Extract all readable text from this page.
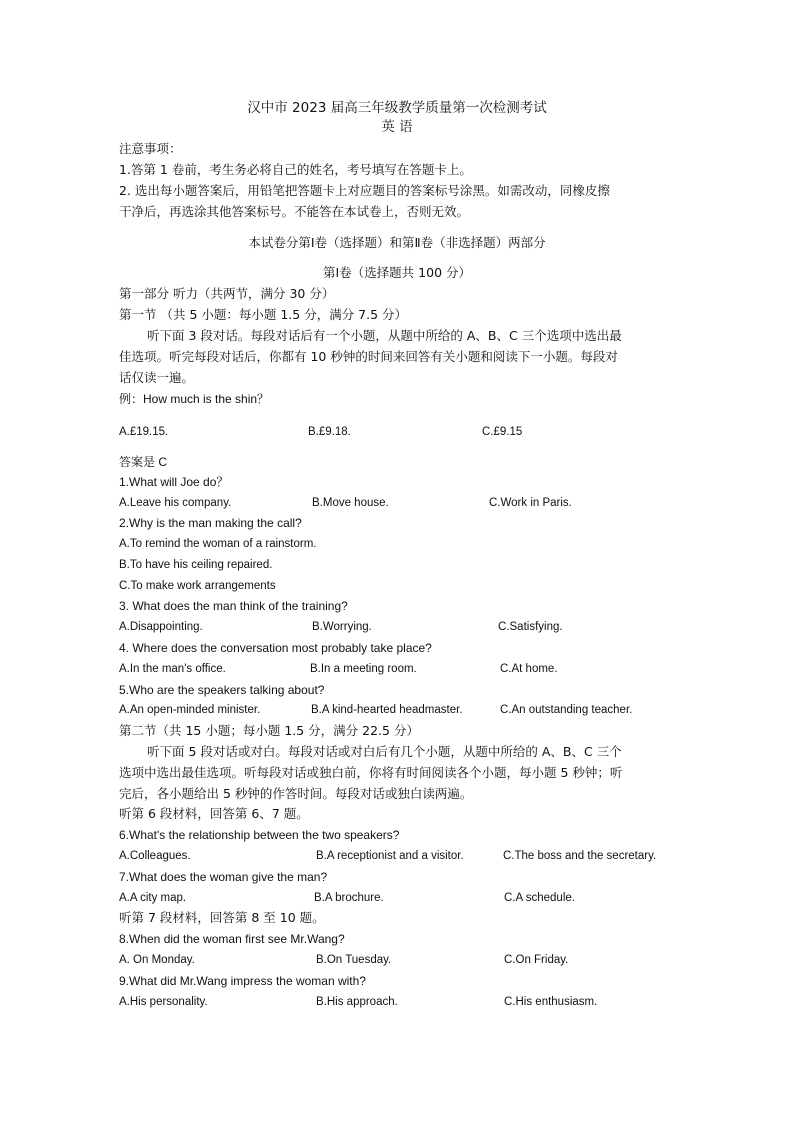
汉中市 2023 届高三年级教学质量第一次检测考试
英 语
注意事项：
1.答第 1 卷前，考生务必将自己的姓名，考号填写在答题卡上。
2. 选出每小题答案后，用铅笔把答题卡上对应题目的答案标号涂黑。如需改动，同橡皮擦
干净后，再选涂其他答案标号。不能答在本试卷上，否则无效。
本试卷分第Ⅰ卷（选择题）和第Ⅱ卷（非选择题）两部分
第Ⅰ卷（选择题共 100 分）
第一部分 听力（共两节，满分 30 分）
第一节 （共 5 小题：每小题 1.5 分，满分 7.5 分）
听下面 3 段对话。每段对话后有一个小题，从题中所给的 A、B、C 三个选项中选出最
佳选项。听完每段对话后，你都有 10 秒钟的时间来回答有关小题和阅读下一小题。每段对
话仅读一遍。
例：How much is the shin？
A.£19.15.	B.£9.18.	C.£9.15
答案是 C
1.What will Joe do？
A.Leave his company.	B.Move house.	C.Work in Paris.
2.Why is the man making the call?
A.To remind the woman of a rainstorm.
B.To have his ceiling repaired.
C.To make work arrangements
3. What does the man think of the training?
A.Disappointing.	B.Worrying.	C.Satisfying.
4. Where does the conversation most probably take place?
A.In the man's office.	B.In a meeting room.	C.At home.
5.Who are the speakers talking about?
A.An open-minded minister.	B.A kind-hearted headmaster.	C.An outstanding teacher.
第二节（共 15 小题；每小题 1.5 分，满分 22.5 分）
听下面 5 段对话或对白。每段对话或对白后有几个小题，从题中所给的 A、B、C 三个
选项中选出最佳选项。听每段对话或独白前，你将有时间阅读各个小题，每小题 5 秒钟；听
完后，各小题给出 5 秒钟的作答时间。每段对话或独白读两遍。
听第 6 段材料，回答第 6、7 题。
6.What's the relationship between the two speakers?
A.Colleagues.	B.A receptionist and a visitor.	C.The boss and the secretary.
7.What does the woman give the man?
A.A city map.	B.A brochure.	C.A schedule.
听第 7 段材料，回答第 8 至 10 题。
8.When did the woman first see Mr.Wang?
A. On Monday.	B.On Tuesday.	C.On Friday.
9.What did Mr.Wang impress the woman with?
A.His personality.	B.His approach.	C.His enthusiasm.
